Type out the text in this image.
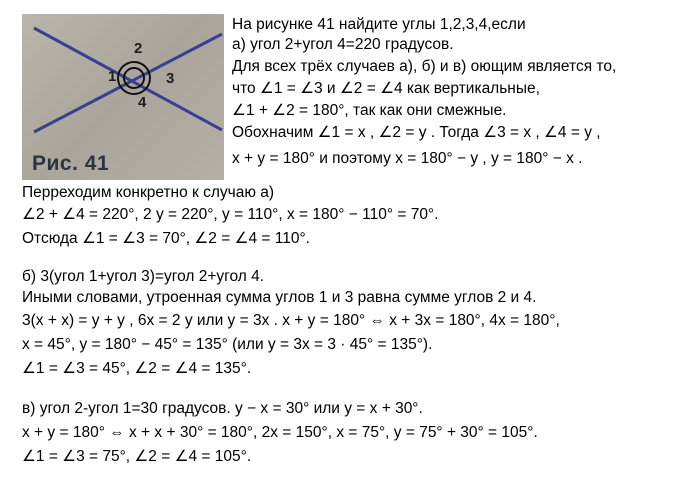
2
1	3
4
Рис. 41
На рисунке 41 найдите углы 1,2,3,4,если
а) угол 2+угол 4=220 градусов.
Для всех трёх случаев а), б) и в) оющим является то,
что ∠1 = ∠3 и ∠2 = ∠4 как вертикальные,
∠1 + ∠2 = 180°, так как они смежные.
Обохначим ∠1 = x , ∠2 = y . Тогда ∠3 = x , ∠4 = y ,
x + y = 180° и поэтому x = 180° − y , y = 180° − x .
Перреходим конкретно к случаю а)
∠2 + ∠4 = 220°, 2 y = 220°, y = 110°, x = 180° − 110° = 70°.
Отсюда ∠1 = ∠3 = 70°, ∠2 = ∠4 = 110°.
б) 3(угол 1+угол 3)=угол 2+угол 4.
Иными словами, утроенная сумма углов 1 и 3 равна сумме углов 2 и 4.
3(x + x) = y + y , 6x = 2 y или y = 3x . x + y = 180° ⇔ x + 3x = 180°, 4x = 180°,
x = 45°, y = 180° − 45° = 135° (или y = 3x = 3 · 45° = 135°).
∠1 = ∠3 = 45°, ∠2 = ∠4 = 135°.
в) угол 2-угол 1=30 градусов. y − x = 30° или y = x + 30°.
x + y = 180° ⇔ x + x + 30° = 180°, 2x = 150°, x = 75°, y = 75° + 30° = 105°.
∠1 = ∠3 = 75°, ∠2 = ∠4 = 105°.
